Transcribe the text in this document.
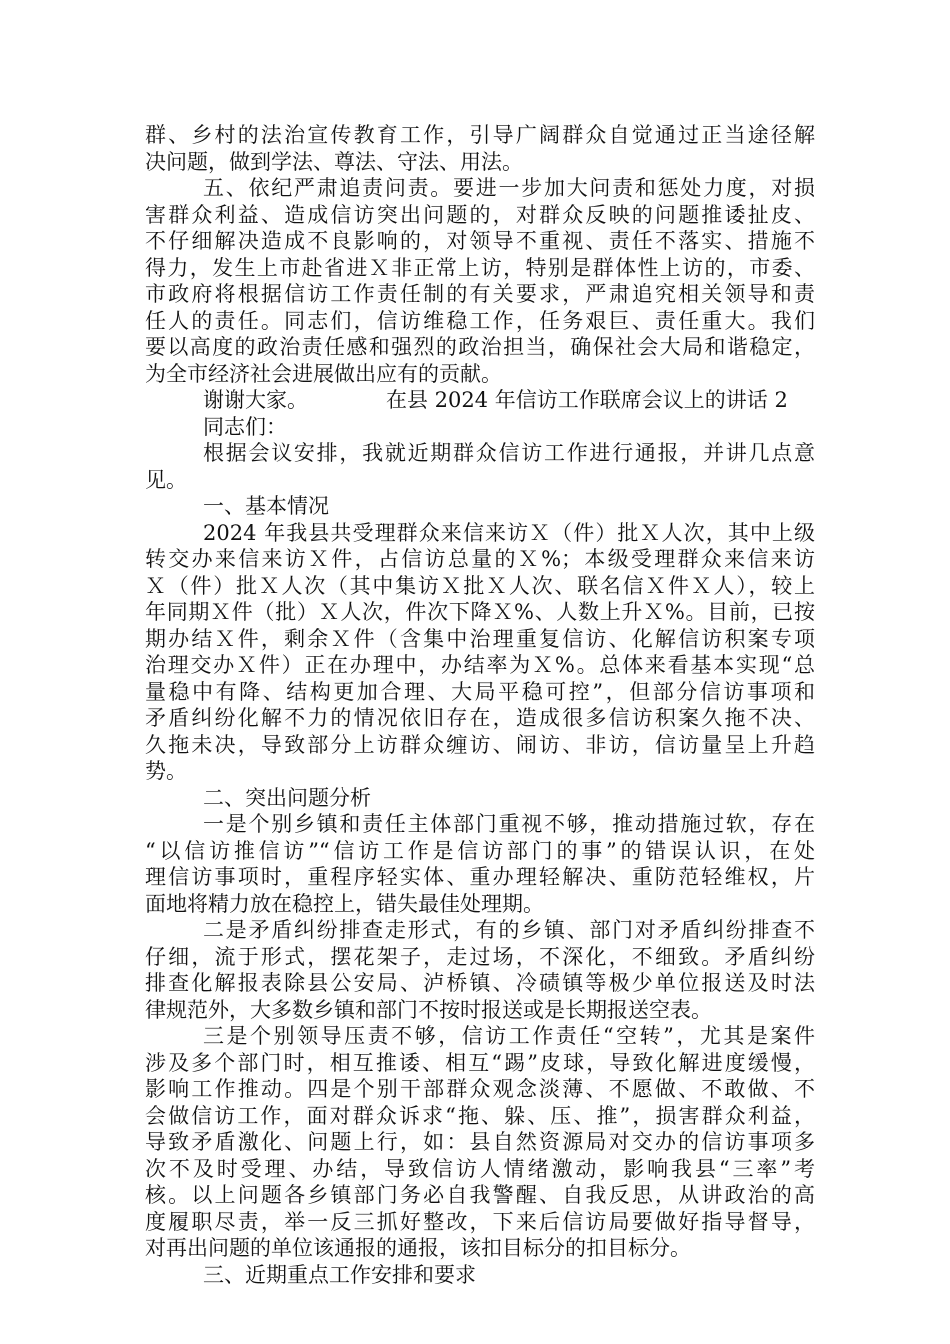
群、乡村的法治宣传教育工作，引导广阔群众自觉通过正当途径解
决问题，做到学法、尊法、守法、用法。
五、依纪严肃追责问责。要进一步加大问责和惩处力度，对损
害群众利益、造成信访突出问题的，对群众反映的问题推诿扯皮、
不仔细解决造成不良影响的，对领导不重视、责任不落实、措施不
得力，发生上市赴省进Ｘ非正常上访，特别是群体性上访的，市委、
市政府将根据信访工作责任制的有关要求，严肃追究相关领导和责
任人的责任。同志们，信访维稳工作，任务艰巨、责任重大。我们
要以高度的政治责任感和强烈的政治担当，确保社会大局和谐稳定，
为全市经济社会进展做出应有的贡献。
谢谢大家。	在县 2024 年信访工作联席会议上的讲话 2
同志们：
根据会议安排，我就近期群众信访工作进行通报，并讲几点意
见。
一、基本情况
2024 年我县共受理群众来信来访Ｘ（件）批Ｘ人次，其中上级
转交办来信来访Ｘ件，占信访总量的Ｘ%；本级受理群众来信来访
Ｘ（件）批Ｘ人次（其中集访Ｘ批Ｘ人次、联名信Ｘ件Ｘ人），较上
年同期Ｘ件（批）Ｘ人次，件次下降Ｘ%、人数上升Ｘ%。目前，已按
期办结Ｘ件，剩余Ｘ件（含集中治理重复信访、化解信访积案专项
治理交办Ｘ件）正在办理中，办结率为Ｘ%。总体来看基本实现“总
量稳中有降、结构更加合理、大局平稳可控”，但部分信访事项和
矛盾纠纷化解不力的情况依旧存在，造成很多信访积案久拖不决、
久拖未决，导致部分上访群众缠访、闹访、非访，信访量呈上升趋
势。
二、突出问题分析
一是个别乡镇和责任主体部门重视不够，推动措施过软，存在
“以信访推信访”“信访工作是信访部门的事”的错误认识，在处
理信访事项时，重程序轻实体、重办理轻解决、重防范轻维权，片
面地将精力放在稳控上，错失最佳处理期。
二是矛盾纠纷排查走形式，有的乡镇、部门对矛盾纠纷排查不
仔细，流于形式，摆花架子，走过场，不深化，不细致。矛盾纠纷
排查化解报表除县公安局、泸桥镇、冷碛镇等极少单位报送及时法
律规范外，大多数乡镇和部门不按时报送或是长期报送空表。
三是个别领导压责不够，信访工作责任“空转”，尤其是案件
涉及多个部门时，相互推诿、相互“踢”皮球，导致化解进度缓慢，
影响工作推动。四是个别干部群众观念淡薄、不愿做、不敢做、不
会做信访工作，面对群众诉求“拖、躲、压、推”，损害群众利益，
导致矛盾激化、问题上行，如：县自然资源局对交办的信访事项多
次不及时受理、办结，导致信访人情绪激动，影响我县“三率”考
核。以上问题各乡镇部门务必自我警醒、自我反思，从讲政治的高
度履职尽责，举一反三抓好整改，下来后信访局要做好指导督导，
对再出问题的单位该通报的通报，该扣目标分的扣目标分。
三、近期重点工作安排和要求
